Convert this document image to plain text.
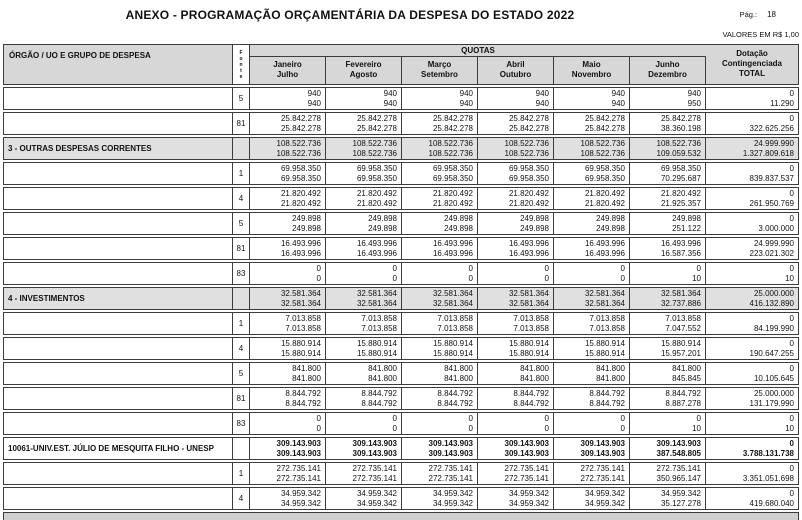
ANEXO - PROGRAMAÇÃO ORÇAMENTÁRIA DA DESPESA DO ESTADO 2022	Pág.: 18
VALORES EM R$ 1,00
ÓRGÃO / UO E GRUPO DE DESPESA	F
o
n
t
e
QUOTAS
Janeiro
Julho
Fevereiro
Agosto
Março
Setembro
Abril
Outubro
Maio
Novembro
Junho
Dezembro
Dotação
Contingenciada
TOTAL
5
940
940
940
940
940
940
940
940
940
940
940
950
0
11.290
81
25.842.278
25.842.278
25.842.278
25.842.278
25.842.278
25.842.278
25.842.278
25.842.278
25.842.278
25.842.278
25.842.278
38.360.198
0
322.625.256
3 - OUTRAS DESPESAS CORRENTES
108.522.736
108.522.736
108.522.736
108.522.736
108.522.736
108.522.736
108.522.736
108.522.736
108.522.736
108.522.736
108.522.736
109.059.532
24.999.990
1.327.809.618
1
69.958.350
69.958.350
69.958.350
69.958.350
69.958.350
69.958.350
69.958.350
69.958.350
69.958.350
69.958.350
69.958.350
70.295.687
0
839.837.537
4
21.820.492
21.820.492
21.820.492
21.820.492
21.820.492
21.820.492
21.820.492
21.820.492
21.820.492
21.820.492
21.820.492
21.925.357
0
261.950.769
5
249.898
249.898
249.898
249.898
249.898
249.898
249.898
249.898
249.898
249.898
249.898
251.122
0
3.000.000
81
16.493.996
16.493.996
16.493.996
16.493.996
16.493.996
16.493.996
16.493.996
16.493.996
16.493.996
16.493.996
16.493.996
16.587.356
24.999.990
223.021.302
83
0
0
0
0
0
0
0
0
0
0
0
10
0
10
4 - INVESTIMENTOS
32.581.364
32.581.364
32.581.364
32.581.364
32.581.364
32.581.364
32.581.364
32.581.364
32.581.364
32.581.364
32.581.364
32.737.886
25.000.000
416.132.890
1
7.013.858
7.013.858
7.013.858
7.013.858
7.013.858
7.013.858
7.013.858
7.013.858
7.013.858
7.013.858
7.013.858
7.047.552
0
84.199.990
4
15.880.914
15.880.914
15.880.914
15.880.914
15.880.914
15.880.914
15.880.914
15.880.914
15.880.914
15.880.914
15.880.914
15.957.201
0
190.647.255
5
841.800
841.800
841.800
841.800
841.800
841.800
841.800
841.800
841.800
841.800
841.800
845.845
0
10.105.645
81
8.844.792
8.844.792
8.844.792
8.844.792
8.844.792
8.844.792
8.844.792
8.844.792
8.844.792
8.844.792
8.844.792
8.887.278
25.000.000
131.179.990
83
0
0
0
0
0
0
0
0
0
0
0
10
0
10
10061-UNIV.EST. JÚLIO DE MESQUITA FILHO - UNESP
309.143.903
309.143.903
309.143.903
309.143.903
309.143.903
309.143.903
309.143.903
309.143.903
309.143.903
309.143.903
309.143.903
387.548.805
0
3.788.131.738
1
272.735.141
272.735.141
272.735.141
272.735.141
272.735.141
272.735.141
272.735.141
272.735.141
272.735.141
272.735.141
272.735.141
350.965.147
0
3.351.051.698
4
34.959.342
34.959.342
34.959.342
34.959.342
34.959.342
34.959.342
34.959.342
34.959.342
34.959.342
34.959.342
34.959.342
35.127.278
0
419.680.040
